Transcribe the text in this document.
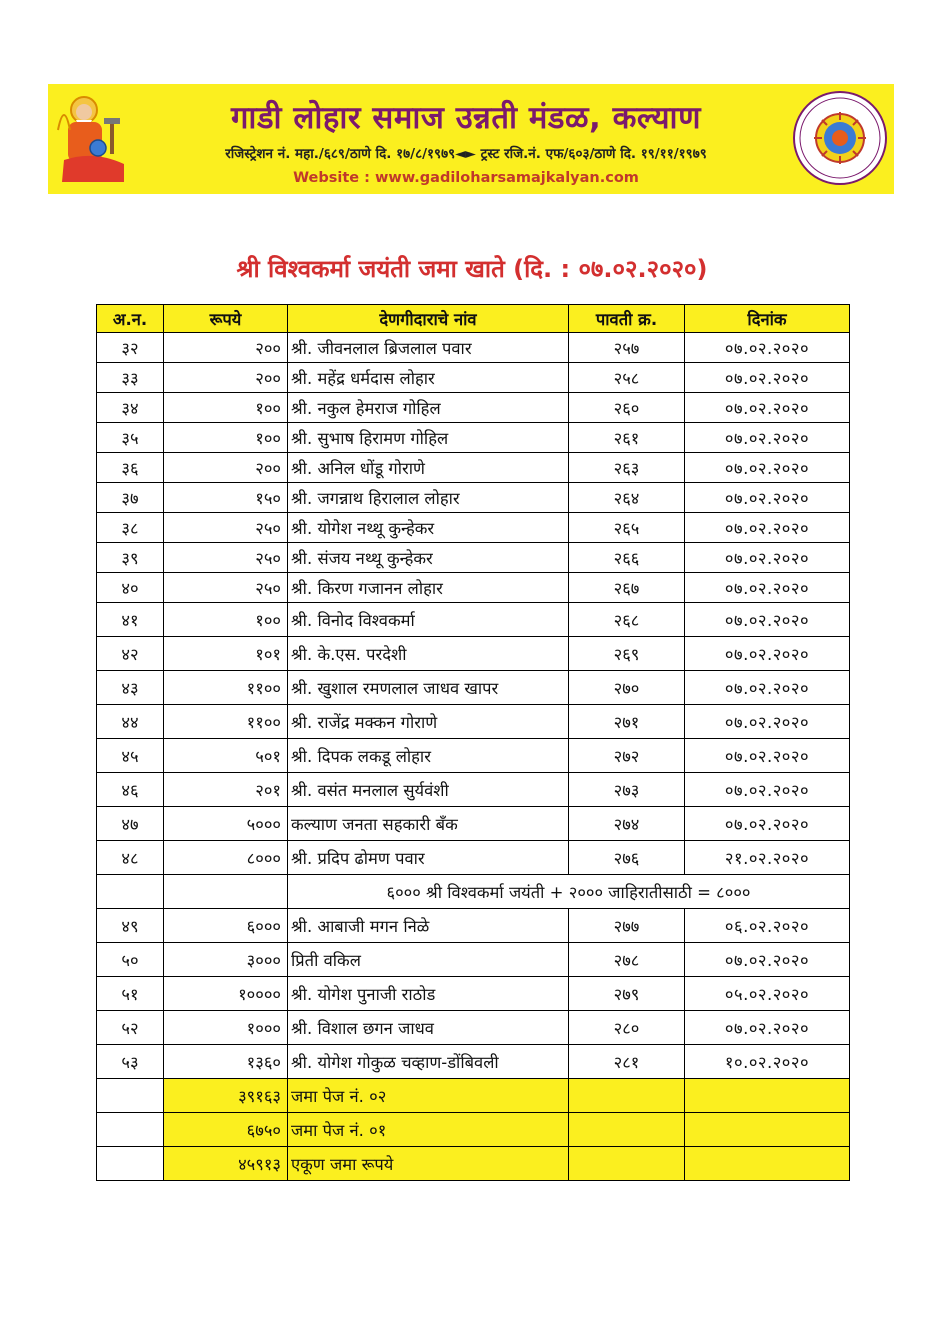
गाडी लोहार समाज उन्नती मंडळ, कल्याण
रजिस्ट्रेशन नं. महा./६८९/ठाणे दि. १७/८/१९७९◄► ट्रस्ट रजि.नं. एफ/६०३/ठाणे दि. १९/११/१९७९
Website : www.gadiloharsamajkalyan.com
श्री विश्वकर्मा जयंती जमा खाते (दि. : ०७.०२.२०२०)
अ.न.	रूपये	देणगीदाराचे नांव	पावती क्र.	दिनांक
३२	२००	श्री. जीवनलाल ब्रिजलाल पवार	२५७	०७.०२.२०२०
३३	२००	श्री. महेंद्र धर्मदास लोहार	२५८	०७.०२.२०२०
३४	१००	श्री. नकुल हेमराज गोहिल	२६०	०७.०२.२०२०
३५	१००	श्री. सुभाष हिरामण गोहिल	२६१	०७.०२.२०२०
३६	२००	श्री. अनिल धोंडू गोराणे	२६३	०७.०२.२०२०
३७	१५०	श्री. जगन्नाथ हिरालाल लोहार	२६४	०७.०२.२०२०
३८	२५०	श्री. योगेश नथ्थू कुन्हेकर	२६५	०७.०२.२०२०
३९	२५०	श्री. संजय नथ्थू कुन्हेकर	२६६	०७.०२.२०२०
४०	२५०	श्री. किरण गजानन लोहार	२६७	०७.०२.२०२०
४१	१००	श्री. विनोद विश्वकर्मा	२६८	०७.०२.२०२०
४२	१०१	श्री. के.एस. परदेशी	२६९	०७.०२.२०२०
४३	११००	श्री. खुशाल रमणलाल जाधव खापर	२७०	०७.०२.२०२०
४४	११००	श्री. राजेंद्र मक्कन गोराणे	२७१	०७.०२.२०२०
४५	५०१	श्री. दिपक लकडू लोहार	२७२	०७.०२.२०२०
४६	२०१	श्री. वसंत मनलाल सुर्यवंशी	२७३	०७.०२.२०२०
४७	५०००	कल्याण जनता सहकारी बँक	२७४	०७.०२.२०२०
४८	८०००	श्री. प्रदिप ढोमण पवार	२७६	२१.०२.२०२०
		६००० श्री विश्वकर्मा जयंती + २००० जाहिरातीसाठी = ८०००		
४९	६०००	श्री. आबाजी मगन निळे	२७७	०६.०२.२०२०
५०	३०००	प्रिती वकिल	२७८	०७.०२.२०२०
५१	१००००	श्री. योगेश पुनाजी राठोड	२७९	०५.०२.२०२०
५२	१०००	श्री. विशाल छगन जाधव	२८०	०७.०२.२०२०
५३	१३६०	श्री. योगेश गोकुळ चव्हाण-डोंबिवली	२८१	१०.०२.२०२०
	३९१६३	जमा पेज नं. ०२		
	६७५०	जमा पेज नं. ०१		
	४५९१३	एकूण जमा रूपये		
